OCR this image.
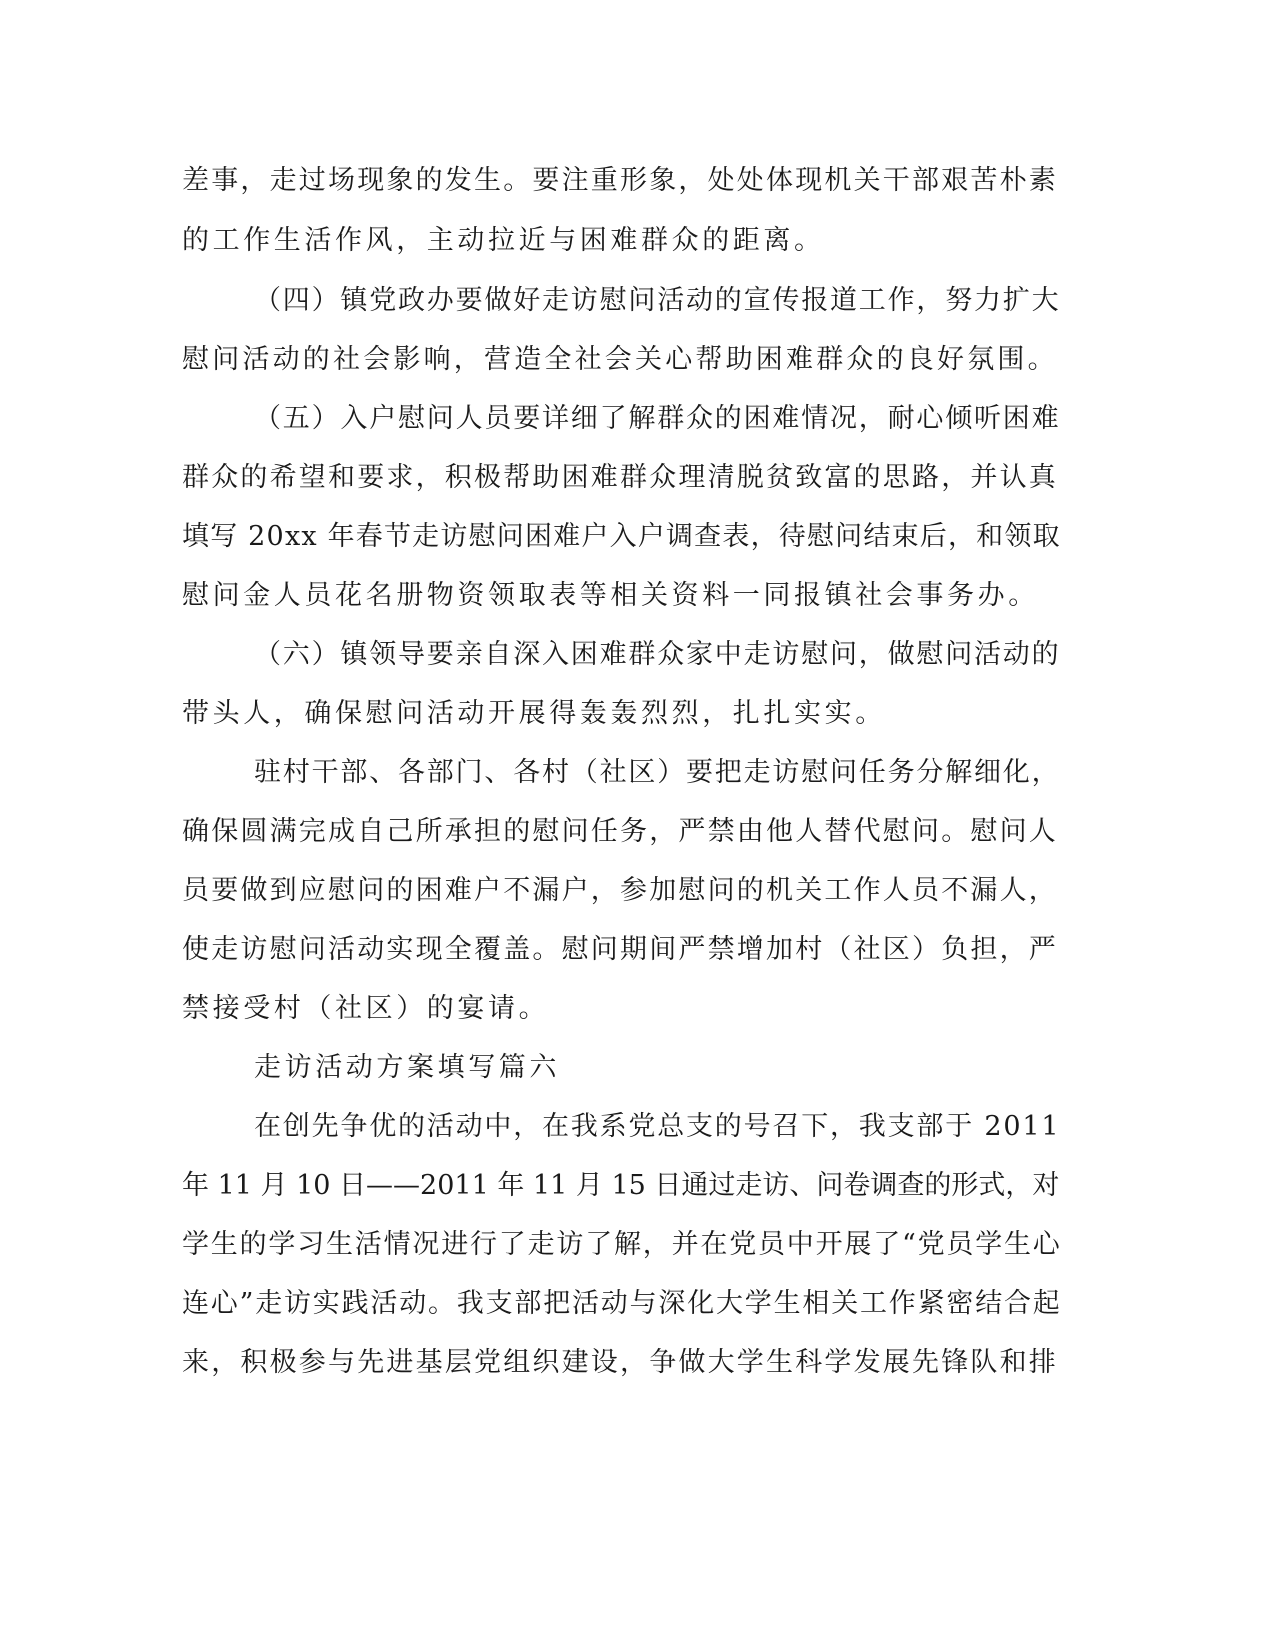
差事，走过场现象的发生。要注重形象，处处体现机关干部艰苦朴素
的工作生活作风，主动拉近与困难群众的距离。
（四）镇党政办要做好走访慰问活动的宣传报道工作，努力扩大
慰问活动的社会影响，营造全社会关心帮助困难群众的良好氛围。
（五）入户慰问人员要详细了解群众的困难情况，耐心倾听困难
群众的希望和要求，积极帮助困难群众理清脱贫致富的思路，并认真
填写 20xx 年春节走访慰问困难户入户调查表，待慰问结束后，和领取
慰问金人员花名册物资领取表等相关资料一同报镇社会事务办。
（六）镇领导要亲自深入困难群众家中走访慰问，做慰问活动的
带头人，确保慰问活动开展得轰轰烈烈，扎扎实实。
驻村干部、各部门、各村（社区）要把走访慰问任务分解细化，
确保圆满完成自己所承担的慰问任务，严禁由他人替代慰问。慰问人
员要做到应慰问的困难户不漏户，参加慰问的机关工作人员不漏人，
使走访慰问活动实现全覆盖。慰问期间严禁增加村（社区）负担，严
禁接受村（社区）的宴请。
走访活动方案填写篇六
在创先争优的活动中，在我系党总支的号召下，我支部于 2011
年 11 月 10 日——2011 年 11 月 15 日通过走访、问卷调查的形式，对
学生的学习生活情况进行了走访了解，并在党员中开展了“党员学生心
连心”走访实践活动。我支部把活动与深化大学生相关工作紧密结合起
来，积极参与先进基层党组织建设，争做大学生科学发展先锋队和排
